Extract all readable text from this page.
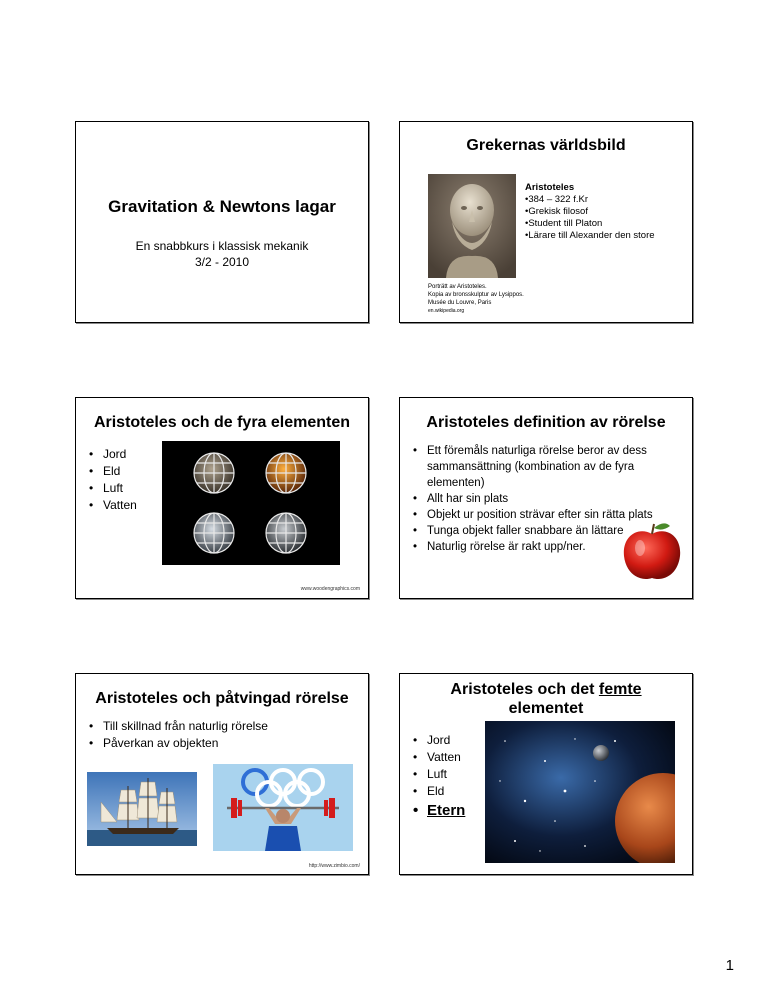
Gravitation & Newtons lagar
En snabbkurs i klassisk mekanik
3/2 - 2010
Grekernas världsbild
Aristoteles
•384 – 322 f.Kr
•Grekisk filosof
•Student till Platon
•Lärare till Alexander den store
Porträtt av Aristoteles.
Kopia av bronsskulptur av Lysippos.
Musée du Louvre, Paris
en.wikipedia.org
Aristoteles och de fyra elementen
• Jord
• Eld
• Luft
• Vatten
www.woodengraphics.com
Aristoteles definition av rörelse
• Ett föremåls naturliga rörelse beror av dess sammansättning (kombination av de fyra elementen)
• Allt har sin plats
• Objekt ur position strävar efter sin rätta plats
• Tunga objekt faller snabbare än lättare
• Naturlig rörelse är rakt upp/ner.
Aristoteles och påtvingad rörelse
• Till skillnad från naturlig rörelse
• Påverkan av objekten
http://www.zimbio.com/
Aristoteles och det femte
elementet
• Jord
• Vatten
• Luft
• Eld
• Etern
1
